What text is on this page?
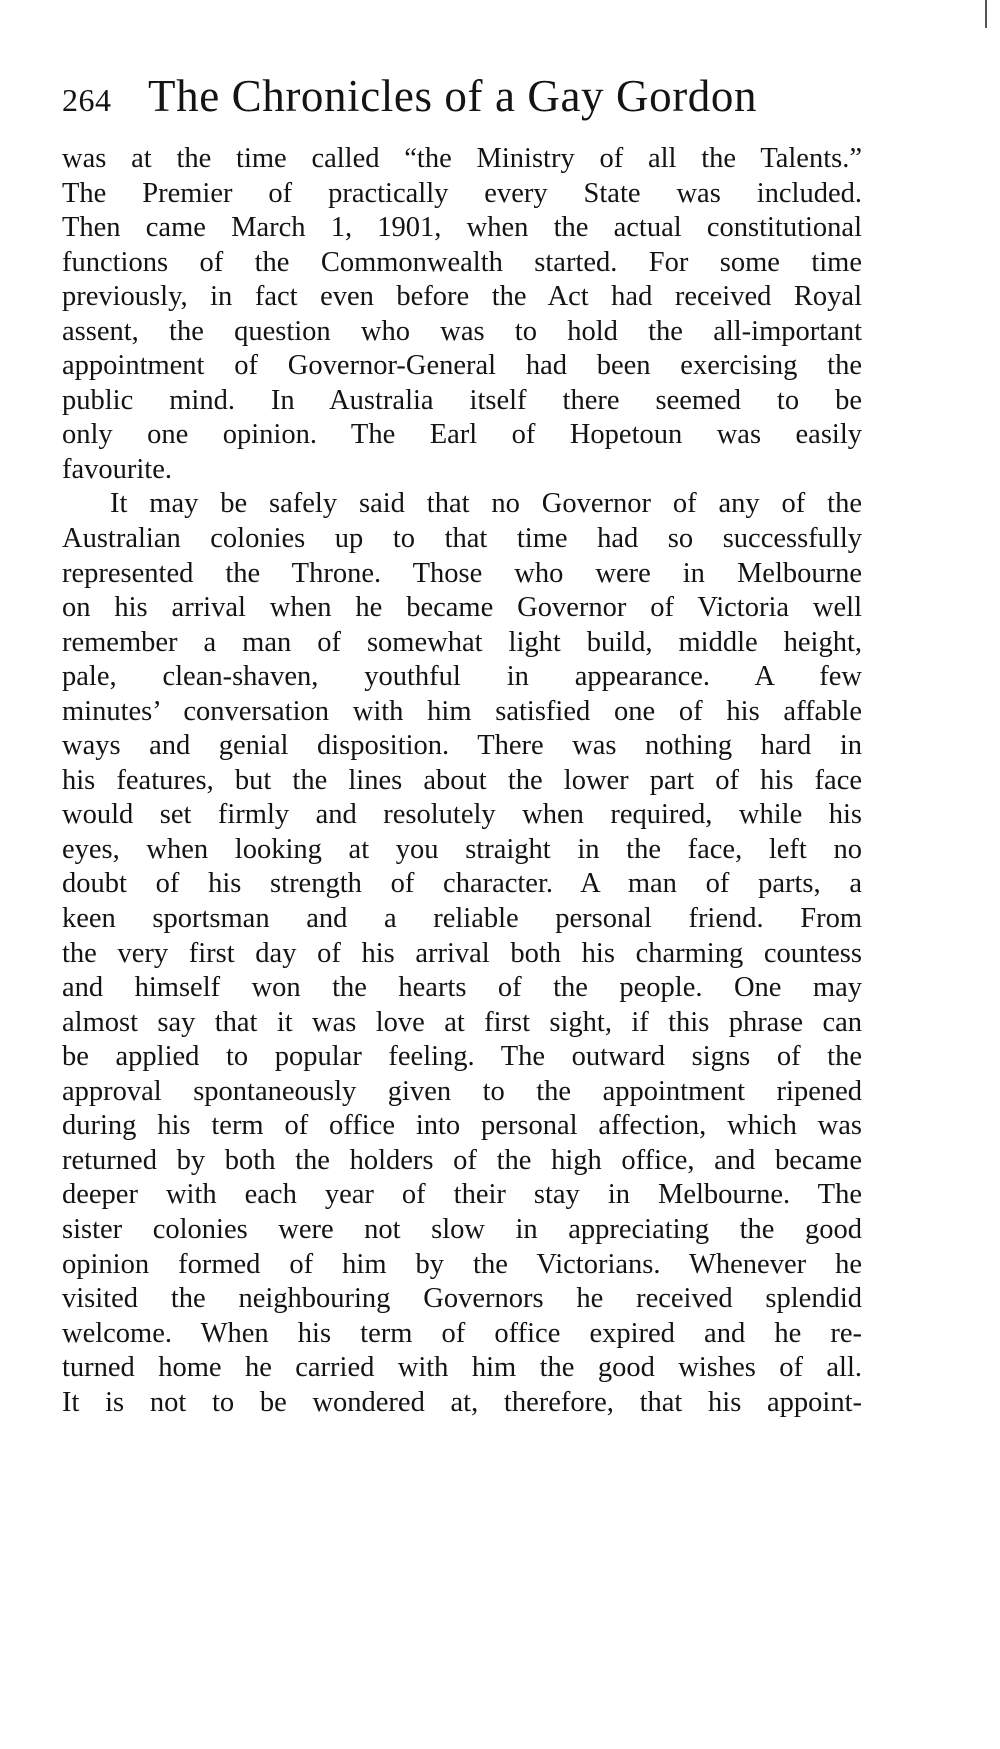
264 The Chronicles of a Gay Gordon
was at the time called “the Ministry of all the Talents.”
The Premier of practically every State was included.
Then came March 1, 1901, when the actual constitutional
functions of the Commonwealth started. For some time
previously, in fact even before the Act had received Royal
assent, the question who was to hold the all-important
appointment of Governor-General had been exercising the
public mind. In Australia itself there seemed to be
only one opinion. The Earl of Hopetoun was easily
favourite.
It may be safely said that no Governor of any of the
Australian colonies up to that time had so successfully
represented the Throne. Those who were in Melbourne
on his arrival when he became Governor of Victoria well
remember a man of somewhat light build, middle height,
pale, clean-shaven, youthful in appearance. A few
minutes’ conversation with him satisfied one of his affable
ways and genial disposition. There was nothing hard in
his features, but the lines about the lower part of his face
would set firmly and resolutely when required, while his
eyes, when looking at you straight in the face, left no
doubt of his strength of character. A man of parts, a
keen sportsman and a reliable personal friend. From
the very first day of his arrival both his charming countess
and himself won the hearts of the people. One may
almost say that it was love at first sight, if this phrase can
be applied to popular feeling. The outward signs of the
approval spontaneously given to the appointment ripened
during his term of office into personal affection, which was
returned by both the holders of the high office, and became
deeper with each year of their stay in Melbourne. The
sister colonies were not slow in appreciating the good
opinion formed of him by the Victorians. Whenever he
visited the neighbouring Governors he received splendid
welcome. When his term of office expired and he re-
turned home he carried with him the good wishes of all.
It is not to be wondered at, therefore, that his appoint-
